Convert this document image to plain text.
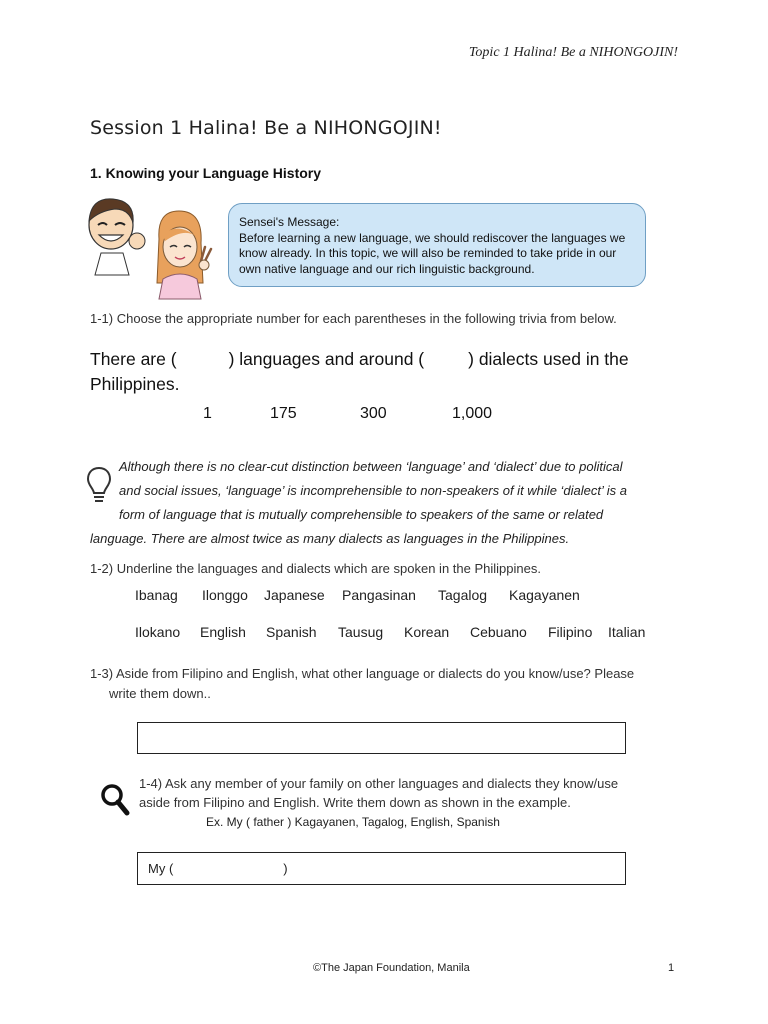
Topic 1 Halina! Be a NIHONGOJIN!
Session 1 Halina! Be a NIHONGOJIN!
1. Knowing your Language History
Sensei's Message:
Before learning a new language, we should rediscover the languages we
know already. In this topic, we will also be reminded to take pride in our
own native language and our rich linguistic background.
1-1) Choose the appropriate number for each parentheses in the following trivia from below.
There are (	) languages and around (	) dialects used in the
Philippines.
1	175	300	1,000
Although there is no clear-cut distinction between ‘language’ and ‘dialect’ due to political
and social issues, ‘language’ is incomprehensible to non-speakers of it while ‘dialect’ is a
form of language that is mutually comprehensible to speakers of the same or related
language. There are almost twice as many dialects as languages in the Philippines.
1-2) Underline the languages and dialects which are spoken in the Philippines.
Ibanag Ilonggo Japanese Pangasinan Tagalog Kagayanen
Ilokano English Spanish Tausug Korean Cebuano Filipino Italian
1-3) Aside from Filipino and English, what other language or dialects do you know/use? Please
write them down..
1-4) Ask any member of your family on other languages and dialects they know/use
aside from Filipino and English. Write them down as shown in the example.
Ex. My ( father ) Kagayanen, Tagalog, English, Spanish
My (	)
©The Japan Foundation, Manila	1
